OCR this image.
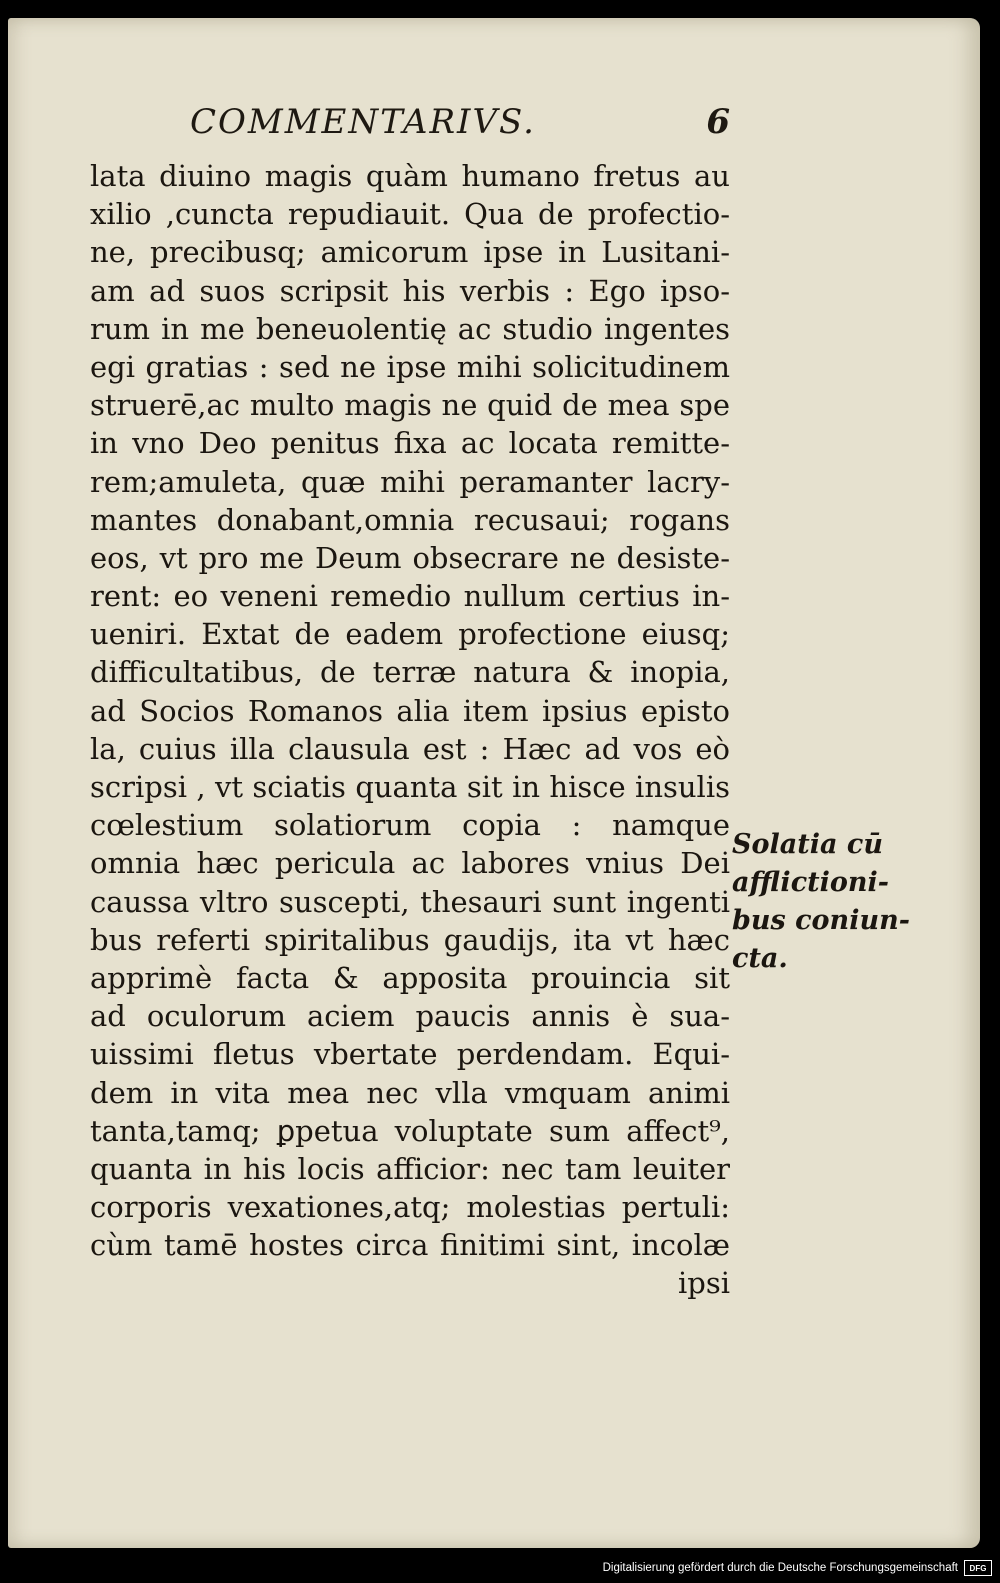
COMMENTARIVS.	6
lata diuino magis quàm humano fretus au
xilio ,cuncta repudiauit. Qua de profectio-
ne, precibusq; amicorum ipse in Lusitani-
am ad suos scripsit his verbis : Ego ipso-
rum in me beneuolentię ac studio ingentes
egi gratias : sed ne ipse mihi solicitudinem
struerē,ac multo magis ne quid de mea spe
in vno Deo penitus fixa ac locata remitte-
rem;amuleta, quæ mihi peramanter lacry-
mantes donabant,omnia recusaui; rogans
eos, vt pro me Deum obsecrare ne desiste-
rent: eo veneni remedio nullum certius in-
ueniri. Extat de eadem profectione eiusq;
difficultatibus, de terræ natura & inopia,
ad Socios Romanos alia item ipsius episto
la, cuius illa clausula est : Hæc ad vos eò
scripsi , vt sciatis quanta sit in hisce insulis
cœlestium solatiorum copia : namque
omnia hæc pericula ac labores vnius Dei
caussa vltro suscepti, thesauri sunt ingenti
bus referti spiritalibus gaudijs, ita vt hæc
apprimè facta & apposita prouincia sit
ad oculorum aciem paucis annis è sua-
uissimi fletus vbertate perdendam. Equi-
dem in vita mea nec vlla vmquam animi
tanta,tamq; ꝑpetua voluptate sum affect⁹,
quanta in his locis afficior: nec tam leuiter
corporis vexationes,atq; molestias pertuli:
cùm tamē hostes circa finitimi sint, incolæ
ipsi
Solatia cū
afflictioni-
bus coniun-
cta.
Digitalisierung gefördert durch die Deutsche Forschungsgemeinschaft	DFG
